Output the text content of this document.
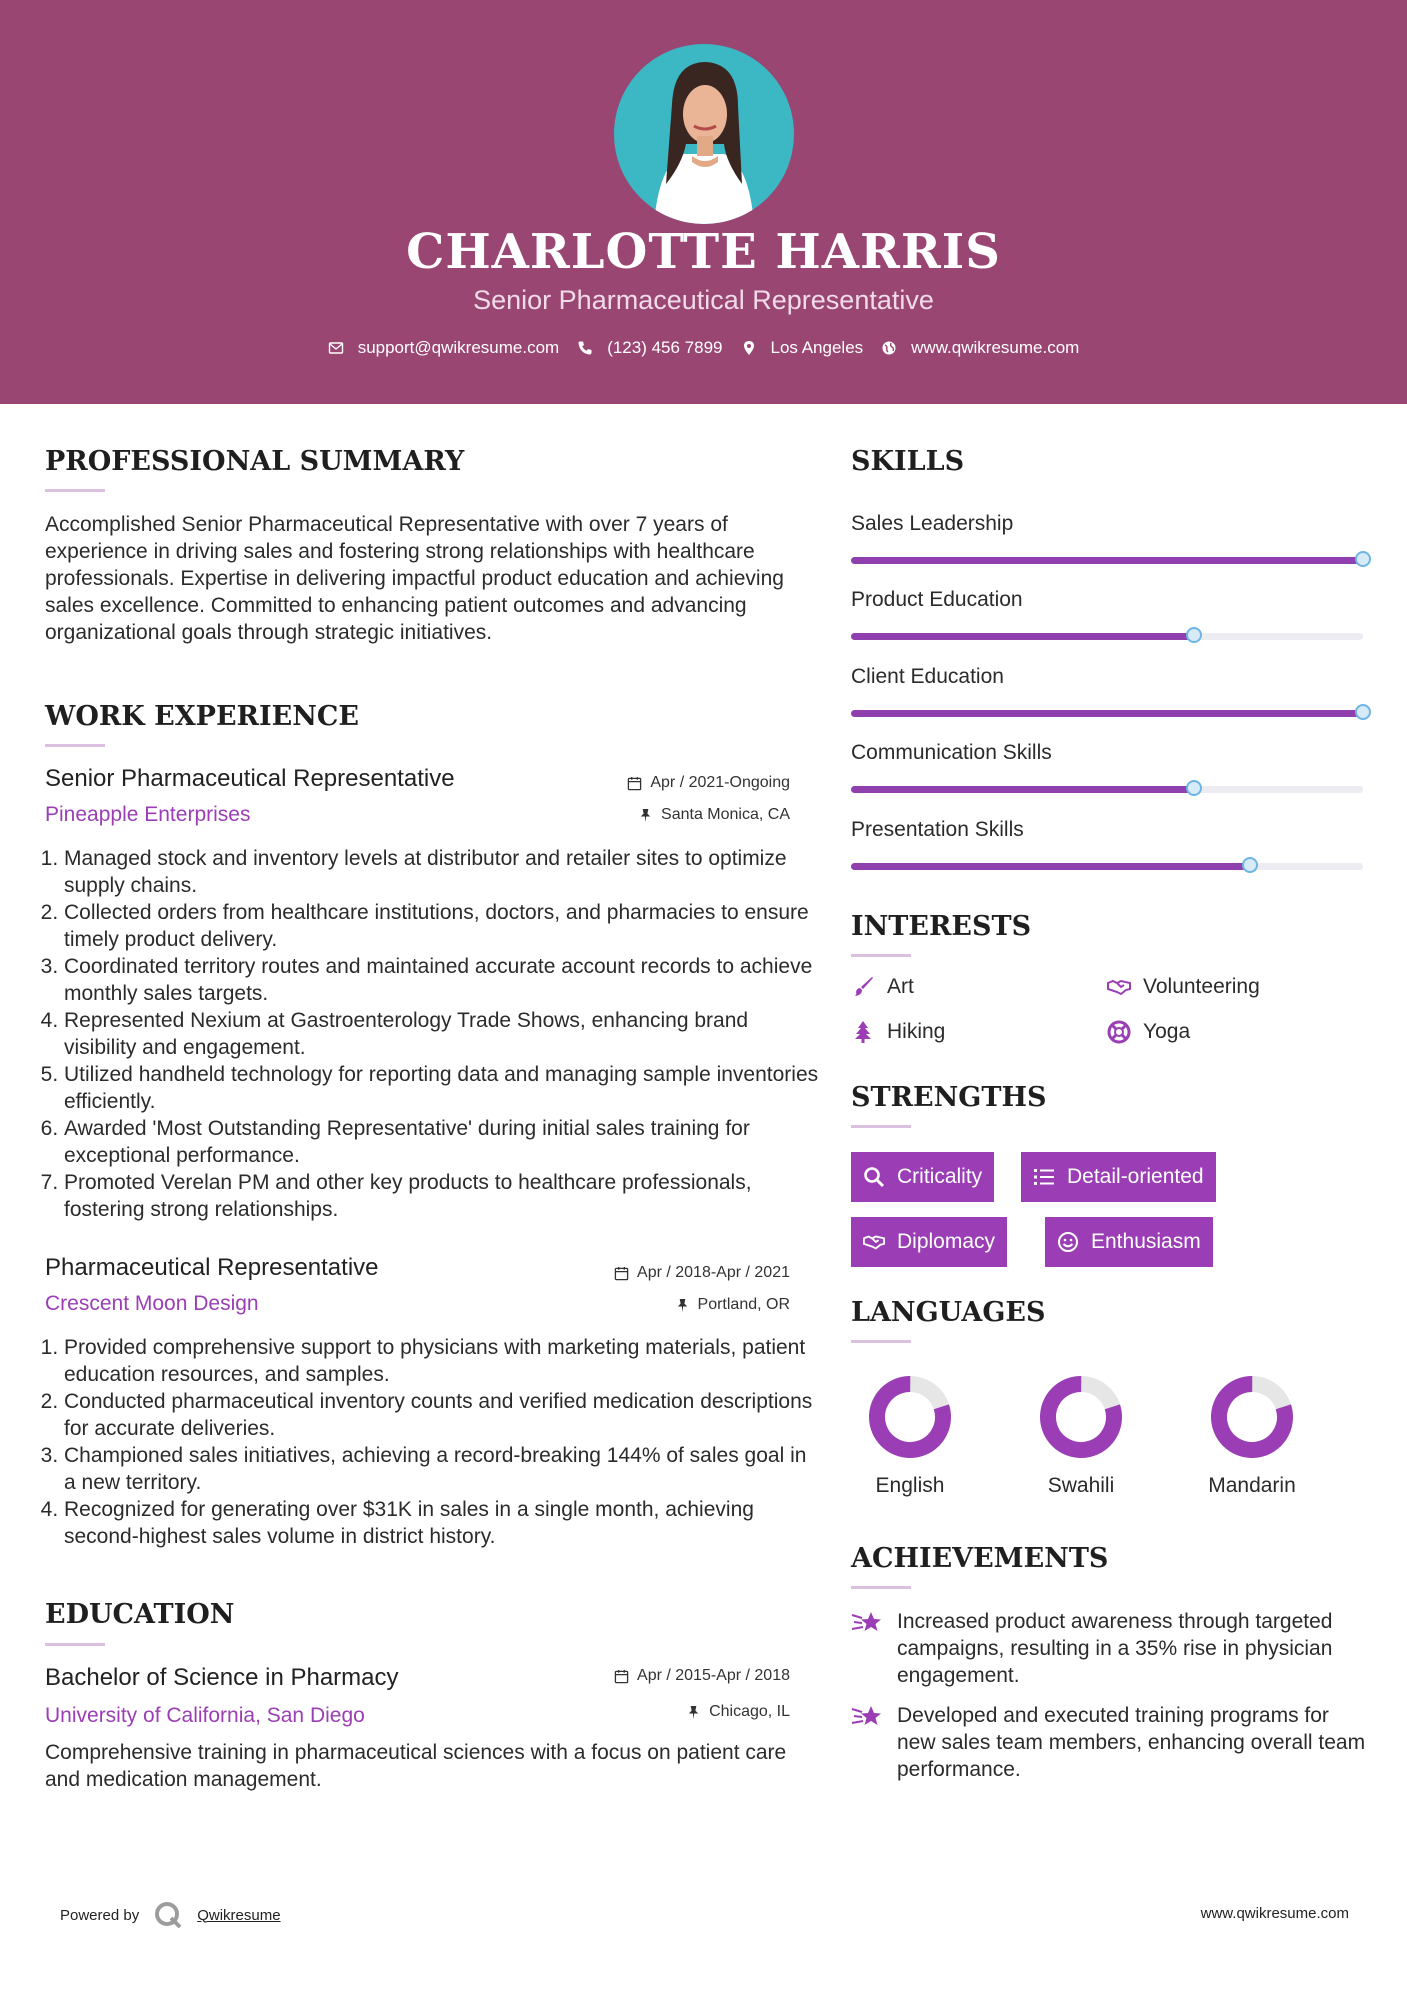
CHARLOTTE HARRIS
Senior Pharmaceutical Representative
support@qwikresume.com	(123) 456 7899	Los Angeles	www.qwikresume.com
PROFESSIONAL SUMMARY
Accomplished Senior Pharmaceutical Representative with over 7 years of experience in driving sales and fostering strong relationships with healthcare professionals. Expertise in delivering impactful product education and achieving sales excellence. Committed to enhancing patient outcomes and advancing organizational goals through strategic initiatives.
WORK EXPERIENCE
Senior Pharmaceutical Representative	Apr / 2021-Ongoing
Pineapple Enterprises	Santa Monica, CA
1. Managed stock and inventory levels at distributor and retailer sites to optimize supply chains.
2. Collected orders from healthcare institutions, doctors, and pharmacies to ensure timely product delivery.
3. Coordinated territory routes and maintained accurate account records to achieve monthly sales targets.
4. Represented Nexium at Gastroenterology Trade Shows, enhancing brand visibility and engagement.
5. Utilized handheld technology for reporting data and managing sample inventories efficiently.
6. Awarded 'Most Outstanding Representative' during initial sales training for exceptional performance.
7. Promoted Verelan PM and other key products to healthcare professionals, fostering strong relationships.
Pharmaceutical Representative	Apr / 2018-Apr / 2021
Crescent Moon Design	Portland, OR
1. Provided comprehensive support to physicians with marketing materials, patient education resources, and samples.
2. Conducted pharmaceutical inventory counts and verified medication descriptions for accurate deliveries.
3. Championed sales initiatives, achieving a record-breaking 144% of sales goal in a new territory.
4. Recognized for generating over $31K in sales in a single month, achieving second-highest sales volume in district history.
EDUCATION
Bachelor of Science in Pharmacy	Apr / 2015-Apr / 2018
University of California, San Diego	Chicago, IL
Comprehensive training in pharmaceutical sciences with a focus on patient care and medication management.
SKILLS
Sales Leadership
Product Education
Client Education
Communication Skills
Presentation Skills
INTERESTS
Art	Volunteering
Hiking	Yoga
STRENGTHS
Criticality	Detail-oriented
Diplomacy	Enthusiasm
LANGUAGES
English	Swahili	Mandarin
ACHIEVEMENTS
Increased product awareness through targeted campaigns, resulting in a 35% rise in physician engagement.
Developed and executed training programs for new sales team members, enhancing overall team performance.
Powered by	Qwikresume	www.qwikresume.com
